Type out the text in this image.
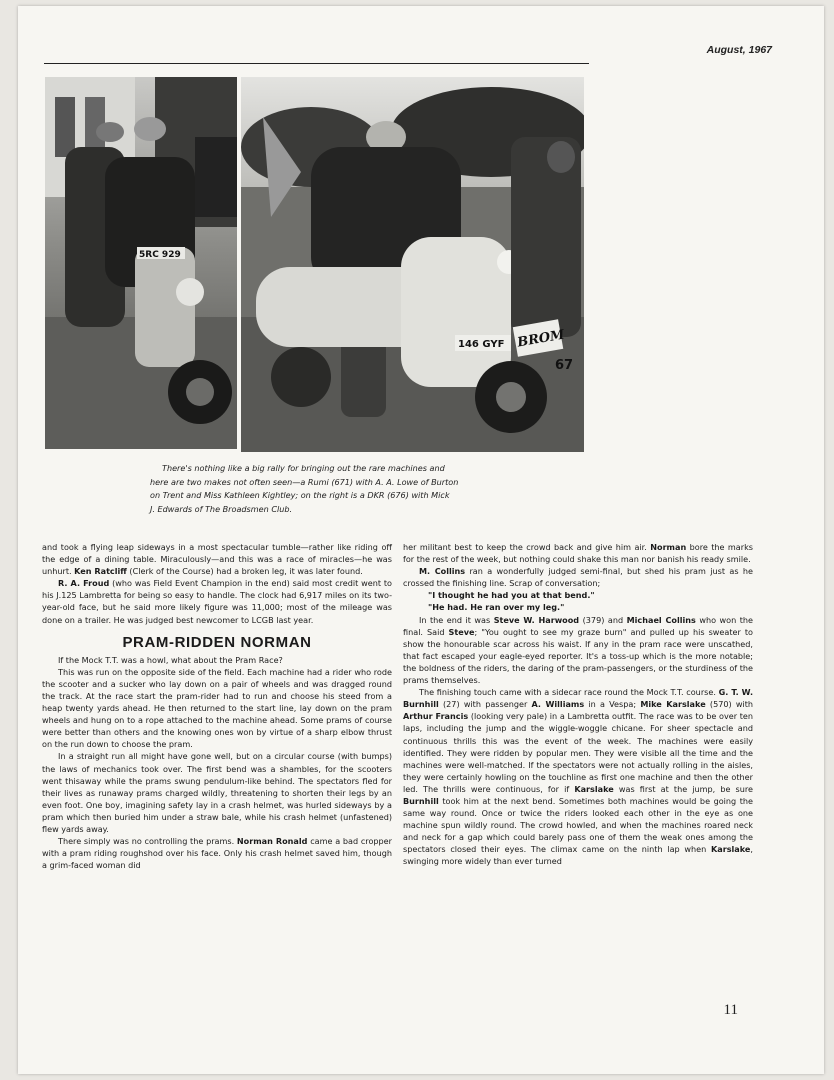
August, 1967
5RC 929
146 GYF BROM
67

There's nothing like a big rally for bringing out the rare machines and

here are two makes not often seen—a Rumi (671) with A. A. Lowe of Burton
on Trent and Miss Kathleen Kightley; on the right is a DKR (676) with Mick
J. Edwards of The Broadsmen Club.

and took a flying leap sideways in a most spectacular tumble—rather like riding off the edge of a dining table. Miraculously—and this was a race of miracles—he was unhurt. Ken Ratcliff (Clerk of the Course) had a broken leg, it was later found.

R. A. Froud (who was Field Event Champion in the end) said most credit went to his J.125 Lambretta for being so easy to handle. The clock had 6,917 miles on its two-year-old face, but he said more likely figure was 11,000; most of the mileage was done on a trailer. He was judged best newcomer to LCGB last year.

PRAM-RIDDEN NORMAN

If the Mock T.T. was a howl, what about the Pram Race?

This was run on the opposite side of the field. Each machine had a rider who rode the scooter and a sucker who lay down on a pair of wheels and was dragged round the track. At the race start the pram-rider had to run and choose his steed from a heap twenty yards ahead. He then returned to the start line, lay down on the pram wheels and hung on to a rope attached to the machine ahead. Some prams of course were better than others and the knowing ones won by virtue of a sharp elbow thrust on the run down to choose the pram.

In a straight run all might have gone well, but on a circular course (with bumps) the laws of mechanics took over. The first bend was a shambles, for the scooters went thisaway while the prams swung pendulum-like behind. The spectators fled for their lives as runaway prams charged wildly, threatening to shorten their legs by an even foot. One boy, imagining safety lay in a crash helmet, was hurled sideways by a pram which then buried him under a straw bale, while his crash helmet (unfastened) flew yards away.

There simply was no controlling the prams. Norman Ronald came a bad cropper with a pram riding roughshod over his face. Only his crash helmet saved him, though a grim-faced woman did

her militant best to keep the crowd back and give him air. Norman bore the marks for the rest of the week, but nothing could shake this man nor banish his ready smile.

M. Collins ran a wonderfully judged semi-final, but shed his pram just as he crossed the finishing line. Scrap of conversation;

"I thought he had you at that bend."

"He had. He ran over my leg."

In the end it was Steve W. Harwood (379) and Michael Collins who won the final. Said Steve; "You ought to see my graze burn" and pulled up his sweater to show the honourable scar across his waist. If any in the pram race were unscathed, that fact escaped your eagle-eyed reporter. It's a toss-up which is the more notable; the boldness of the riders, the daring of the pram-passengers, or the sturdiness of the prams themselves.

The finishing touch came with a sidecar race round the Mock T.T. course. G. T. W. Burnhill (27) with passenger A. Williams in a Vespa; Mike Karslake (570) with Arthur Francis (looking very pale) in a Lambretta outfit. The race was to be over ten laps, including the jump and the wiggle-woggle chicane. For sheer spectacle and continuous thrills this was the event of the week. The machines were easily identified. They were ridden by popular men. They were visible all the time and the machines were well-matched. If the spectators were not actually rolling in the aisles, they were certainly howling on the touchline as first one machine and then the other led. The thrills were continuous, for if Karslake was first at the jump, be sure Burnhill took him at the next bend. Sometimes both machines would be going the same way round. Once or twice the riders looked each other in the eye as one machine spun wildly round. The crowd howled, and when the machines roared neck and neck for a gap which could barely pass one of them the weak ones among the spectators closed their eyes. The climax came on the ninth lap when Karslake, swinging more widely than ever turned

11
